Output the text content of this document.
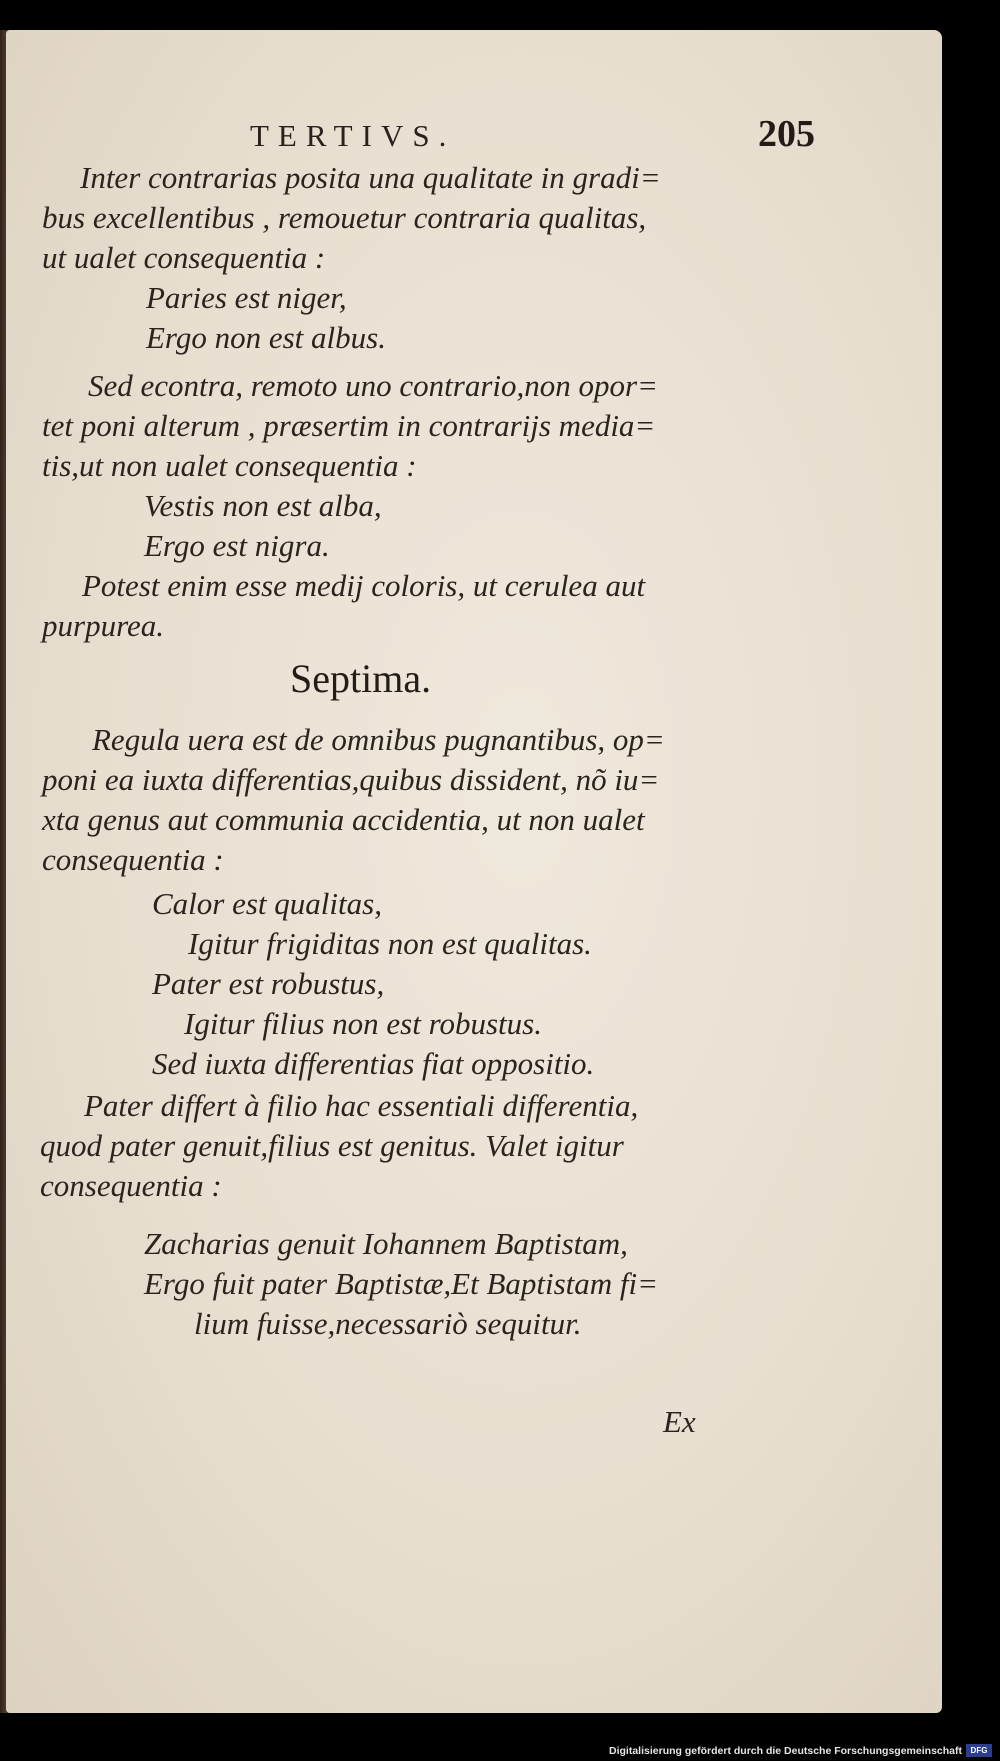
TERTIVS.	205
Inter contrarias posita una qualitate in gradi=
bus excellentibus , remouetur contraria qualitas,
ut ualet consequentia :
Paries est niger,
Ergo non est albus.
Sed econtra, remoto uno contrario,non opor=
tet poni alterum , præsertim in contrarijs media=
tis,ut non ualet consequentia :
Vestis non est alba,
Ergo est nigra.
Potest enim esse medij coloris, ut cerulea aut
purpurea.
Septima.
Regula uera est de omnibus pugnantibus, op=
poni ea iuxta differentias,quibus dissident, nõ iu=
xta genus aut communia accidentia, ut non ualet
consequentia :
Calor est qualitas,
Igitur frigiditas non est qualitas.
Pater est robustus,
Igitur filius non est robustus.
Sed iuxta differentias fiat oppositio.
Pater differt à filio hac essentiali differentia,
quod pater genuit,filius est genitus. Valet igitur
consequentia :
Zacharias genuit Iohannem Baptistam,
Ergo fuit pater Baptistæ,Et Baptistam fi=
lium fuisse,necessariò sequitur.
Ex
Digitalisierung gefördert durch die Deutsche Forschungsgemeinschaft	DFG
